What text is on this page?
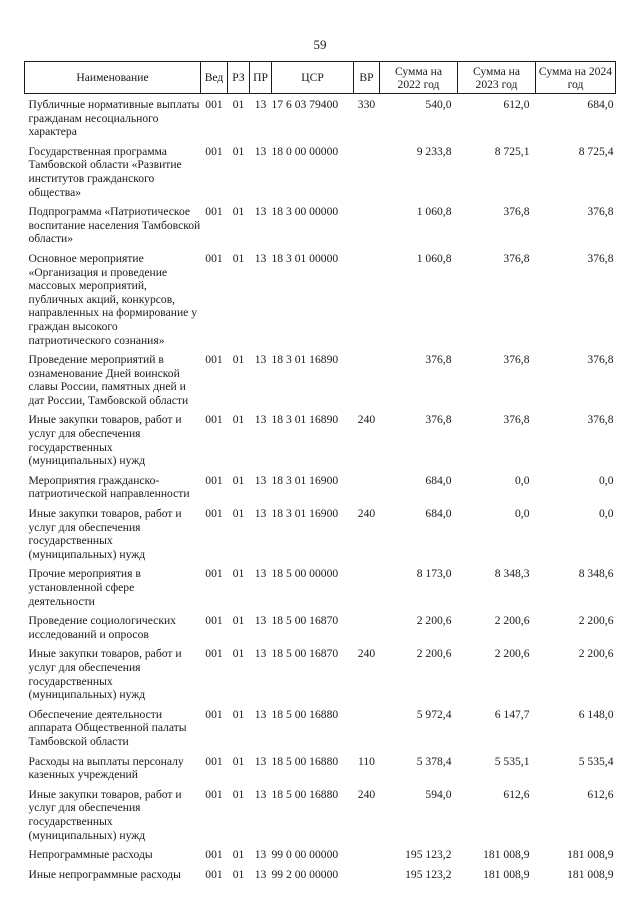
59
Наименование	Вед	РЗ	ПР	ЦСР	ВР	Сумма на 2022 год	Сумма на 2023 год	Сумма на 2024 год
Публичные нормативные выплаты гражданам несоциального характера	001	01	13	17 6 03 79400	330	540,0	612,0	684,0
Государственная программа Тамбовской области «Развитие институтов гражданского общества»	001	01	13	18 0 00 00000		9 233,8	8 725,1	8 725,4
Подпрограмма «Патриотическое воспитание населения Тамбовской области»	001	01	13	18 3 00 00000		1 060,8	376,8	376,8
Основное мероприятие «Организация и проведение массовых мероприятий, публичных акций, конкурсов, направленных на формирование у граждан высокого патриотического сознания»	001	01	13	18 3 01 00000		1 060,8	376,8	376,8
Проведение мероприятий в ознаменование Дней воинской славы России, памятных дней и дат России, Тамбовской области	001	01	13	18 3 01 16890		376,8	376,8	376,8
Иные закупки товаров, работ и услуг для обеспечения государственных (муниципальных) нужд	001	01	13	18 3 01 16890	240	376,8	376,8	376,8
Мероприятия гражданско-патриотической направленности	001	01	13	18 3 01 16900		684,0	0,0	0,0
Иные закупки товаров, работ и услуг для обеспечения государственных (муниципальных) нужд	001	01	13	18 3 01 16900	240	684,0	0,0	0,0
Прочие мероприятия в установленной сфере деятельности	001	01	13	18 5 00 00000		8 173,0	8 348,3	8 348,6
Проведение социологических исследований и опросов	001	01	13	18 5 00 16870		2 200,6	2 200,6	2 200,6
Иные закупки товаров, работ и услуг для обеспечения государственных (муниципальных) нужд	001	01	13	18 5 00 16870	240	2 200,6	2 200,6	2 200,6
Обеспечение деятельности аппарата Общественной палаты Тамбовской области	001	01	13	18 5 00 16880		5 972,4	6 147,7	6 148,0
Расходы на выплаты персоналу казенных учреждений	001	01	13	18 5 00 16880	110	5 378,4	5 535,1	5 535,4
Иные закупки товаров, работ и услуг для обеспечения государственных (муниципальных) нужд	001	01	13	18 5 00 16880	240	594,0	612,6	612,6
Непрограммные расходы	001	01	13	99 0 00 00000		195 123,2	181 008,9	181 008,9
Иные непрограммные расходы	001	01	13	99 2 00 00000		195 123,2	181 008,9	181 008,9
